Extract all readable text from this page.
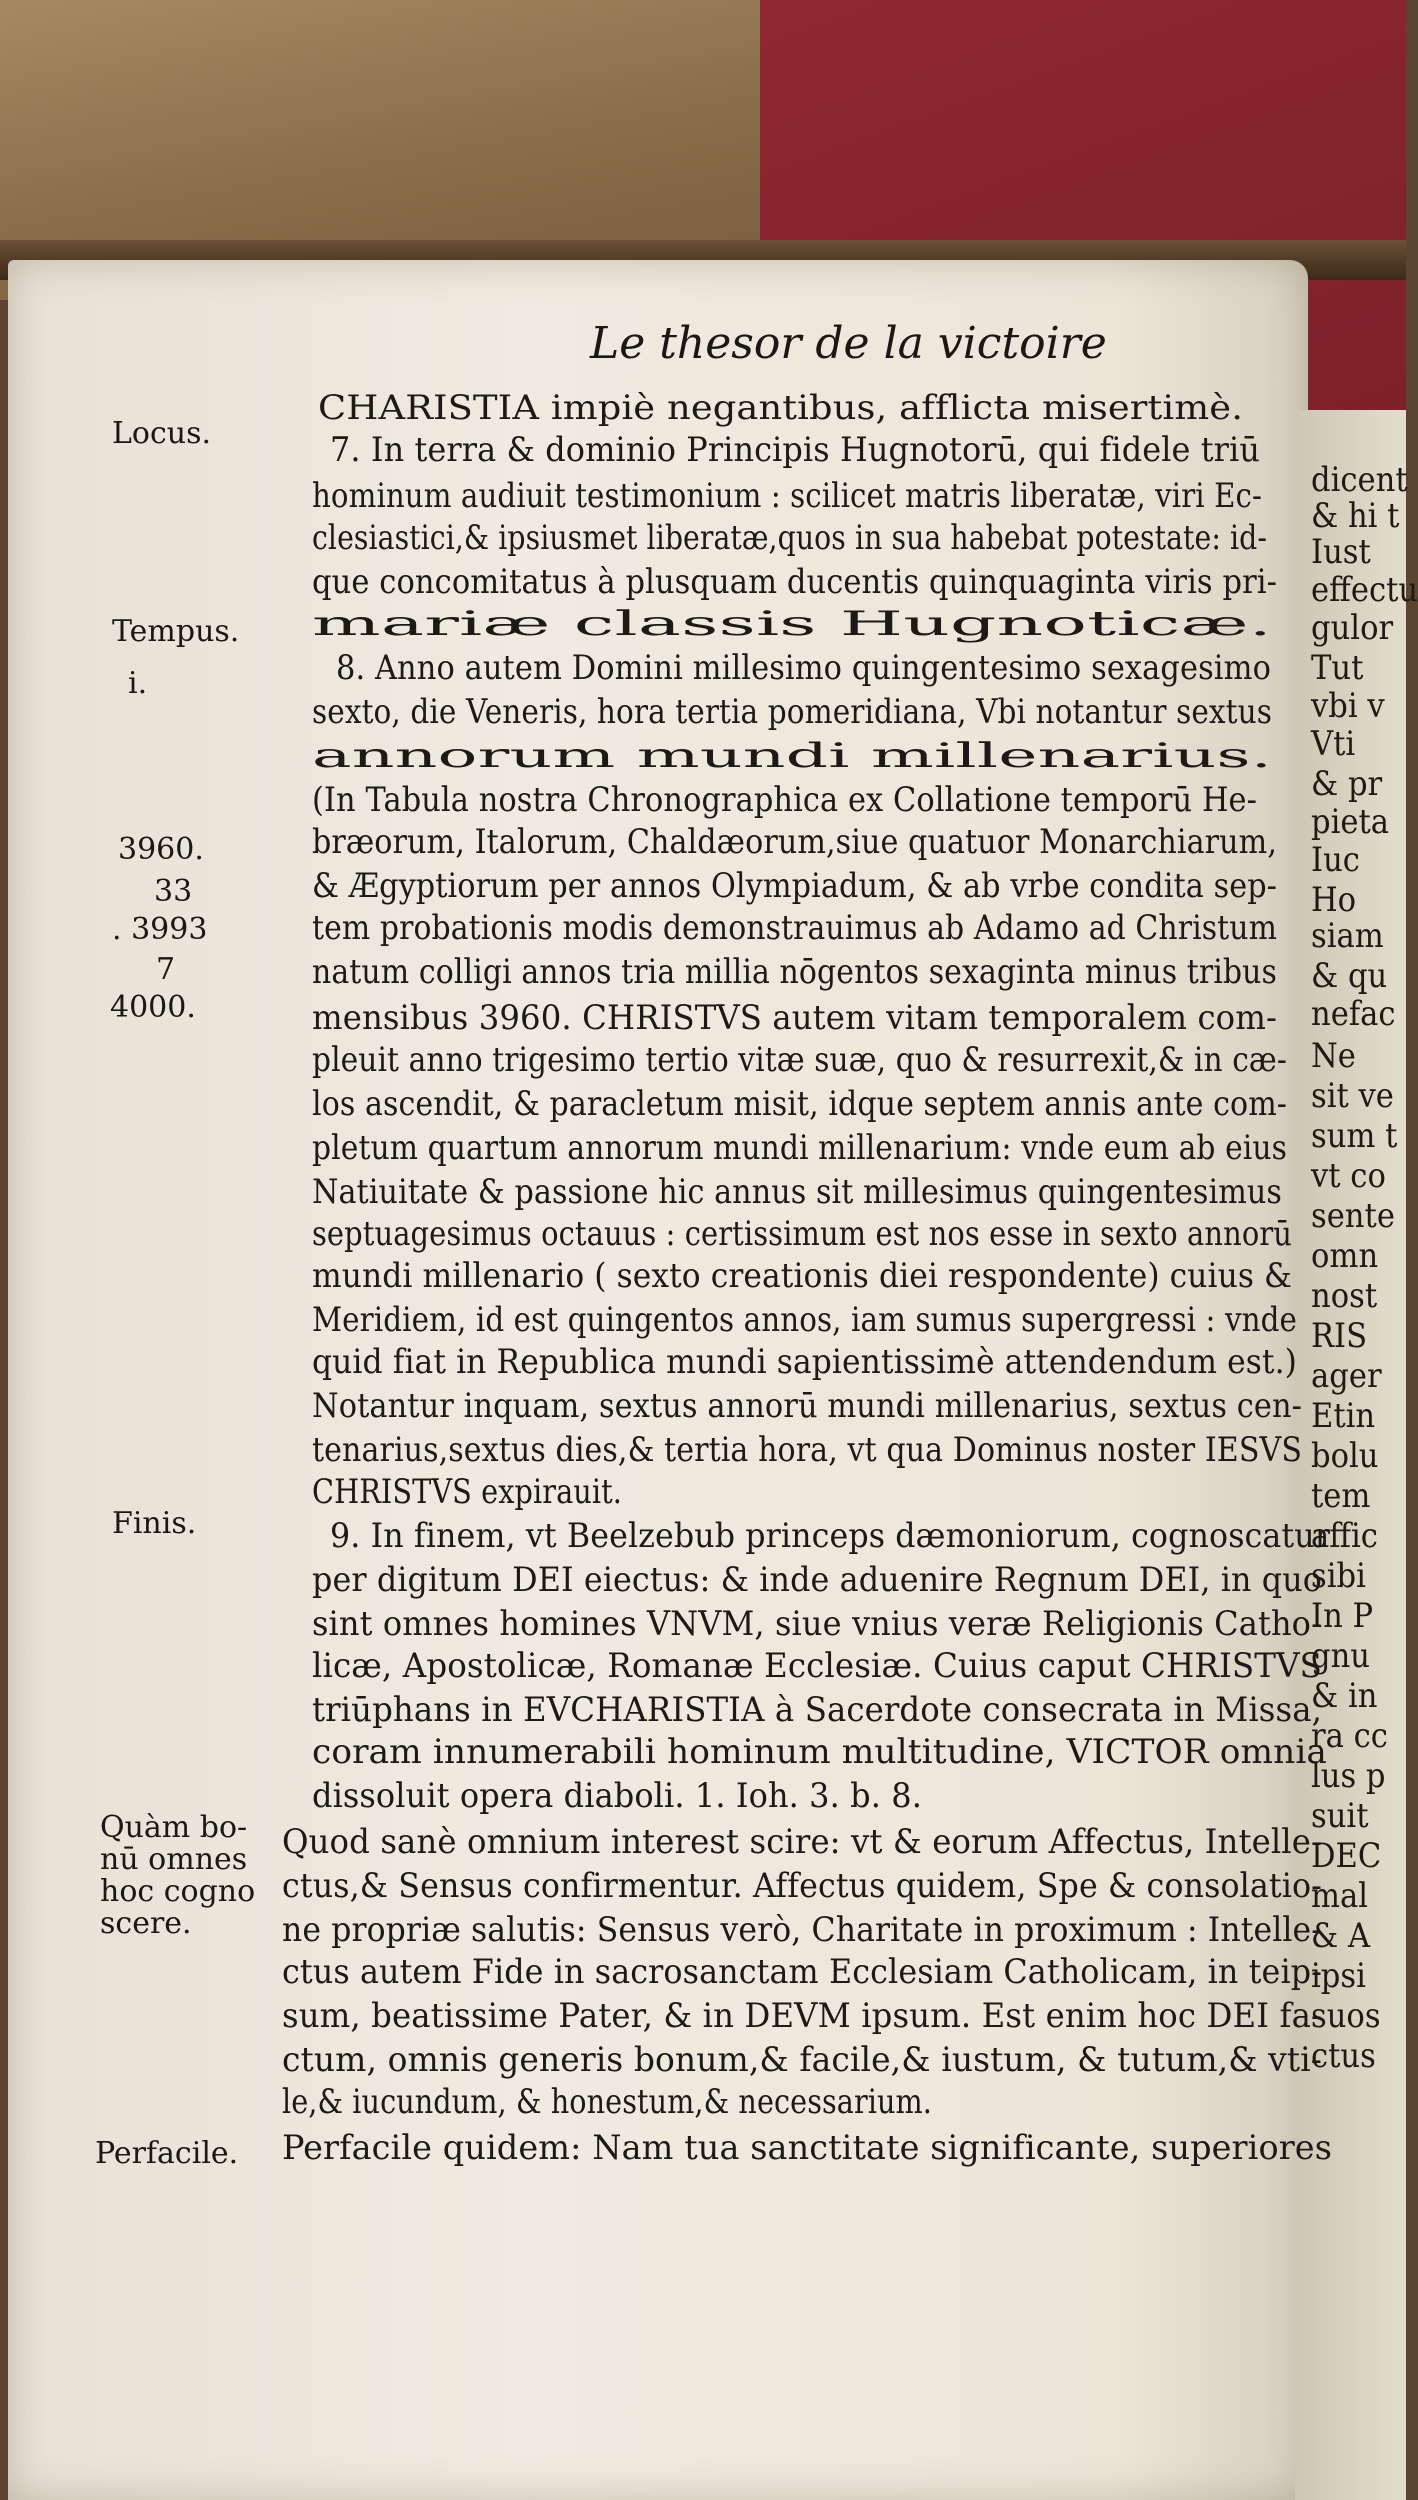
dicent
& hi t
Iust
effectu
gulor
Tut
vbi v
Vti
& pr
pieta
Iuc
Ho
siam
& qu
nefac
Ne
sit ve
sum t
vt co
sente
omn
nost
RIS
ager
Etin
bolu
tem
affic
sibi
In P
gnu
& in
ra cc
lus p
suit
DEC
mal
& A
ipsi
suos
ctus
Le thesor de la victoire
Locus.
Tempus.
i.
3960.
33
. 3993
7
4000.
Finis.
Quàm bo-
nū omnes
hoc cogno
scere.
Perfacile.
CHARISTIA impiè negantibus, afflicta misertimè.
7. In terra & dominio Principis Hugnotorū, qui fidele triū
hominum audiuit testimonium : scilicet matris liberatæ, viri Ec-
clesiastici,& ipsiusmet liberatæ,quos in sua habebat potestate: id-
que concomitatus à plusquam ducentis quinquaginta viris pri-
mariæ classis Hugnoticæ.
8. Anno autem Domini millesimo quingentesimo sexagesimo
sexto, die Veneris, hora tertia pomeridiana, Vbi notantur sextus
annorum mundi millenarius.
(In Tabula nostra Chronographica ex Collatione temporū He-
bræorum, Italorum, Chaldæorum,siue quatuor Monarchiarum,
& Ægyptiorum per annos Olympiadum, & ab vrbe condita sep-
tem probationis modis demonstrauimus ab Adamo ad Christum
natum colligi annos tria millia nōgentos sexaginta minus tribus
mensibus 3960. CHRISTVS autem vitam temporalem com-
pleuit anno trigesimo tertio vitæ suæ, quo & resurrexit,& in cæ-
los ascendit, & paracletum misit, idque septem annis ante com-
pletum quartum annorum mundi millenarium: vnde eum ab eius
Natiuitate & passione hic annus sit millesimus quingentesimus
septuagesimus octauus : certissimum est nos esse in sexto annorū
mundi millenario ( sexto creationis diei respondente) cuius &
Meridiem, id est quingentos annos, iam sumus supergressi : vnde
quid fiat in Republica mundi sapientissimè attendendum est.)
Notantur inquam, sextus annorū mundi millenarius, sextus cen-
tenarius,sextus dies,& tertia hora, vt qua Dominus noster IESVS
CHRISTVS expirauit.
9. In finem, vt Beelzebub princeps dæmoniorum, cognoscatur
per digitum DEI eiectus: & inde aduenire Regnum DEI, in quo
sint omnes homines VNVM, siue vnius veræ Religionis Catho-
licæ, Apostolicæ, Romanæ Ecclesiæ. Cuius caput CHRISTVS
triūphans in EVCHARISTIA à Sacerdote consecrata in Missa,
coram innumerabili hominum multitudine, VICTOR omnia
dissoluit opera diaboli. 1. Ioh. 3. b. 8.
Quod sanè omnium interest scire: vt & eorum Affectus, Intelle-
ctus,& Sensus confirmentur. Affectus quidem, Spe & consolatio-
ne propriæ salutis: Sensus verò, Charitate in proximum : Intelle-
ctus autem Fide in sacrosanctam Ecclesiam Catholicam, in teip-
sum, beatissime Pater, & in DEVM ipsum. Est enim hoc DEI fa-
ctum, omnis generis bonum,& facile,& iustum, & tutum,& vti-
le,& iucundum, & honestum,& necessarium.
Perfacile quidem: Nam tua sanctitate significante, superiores
